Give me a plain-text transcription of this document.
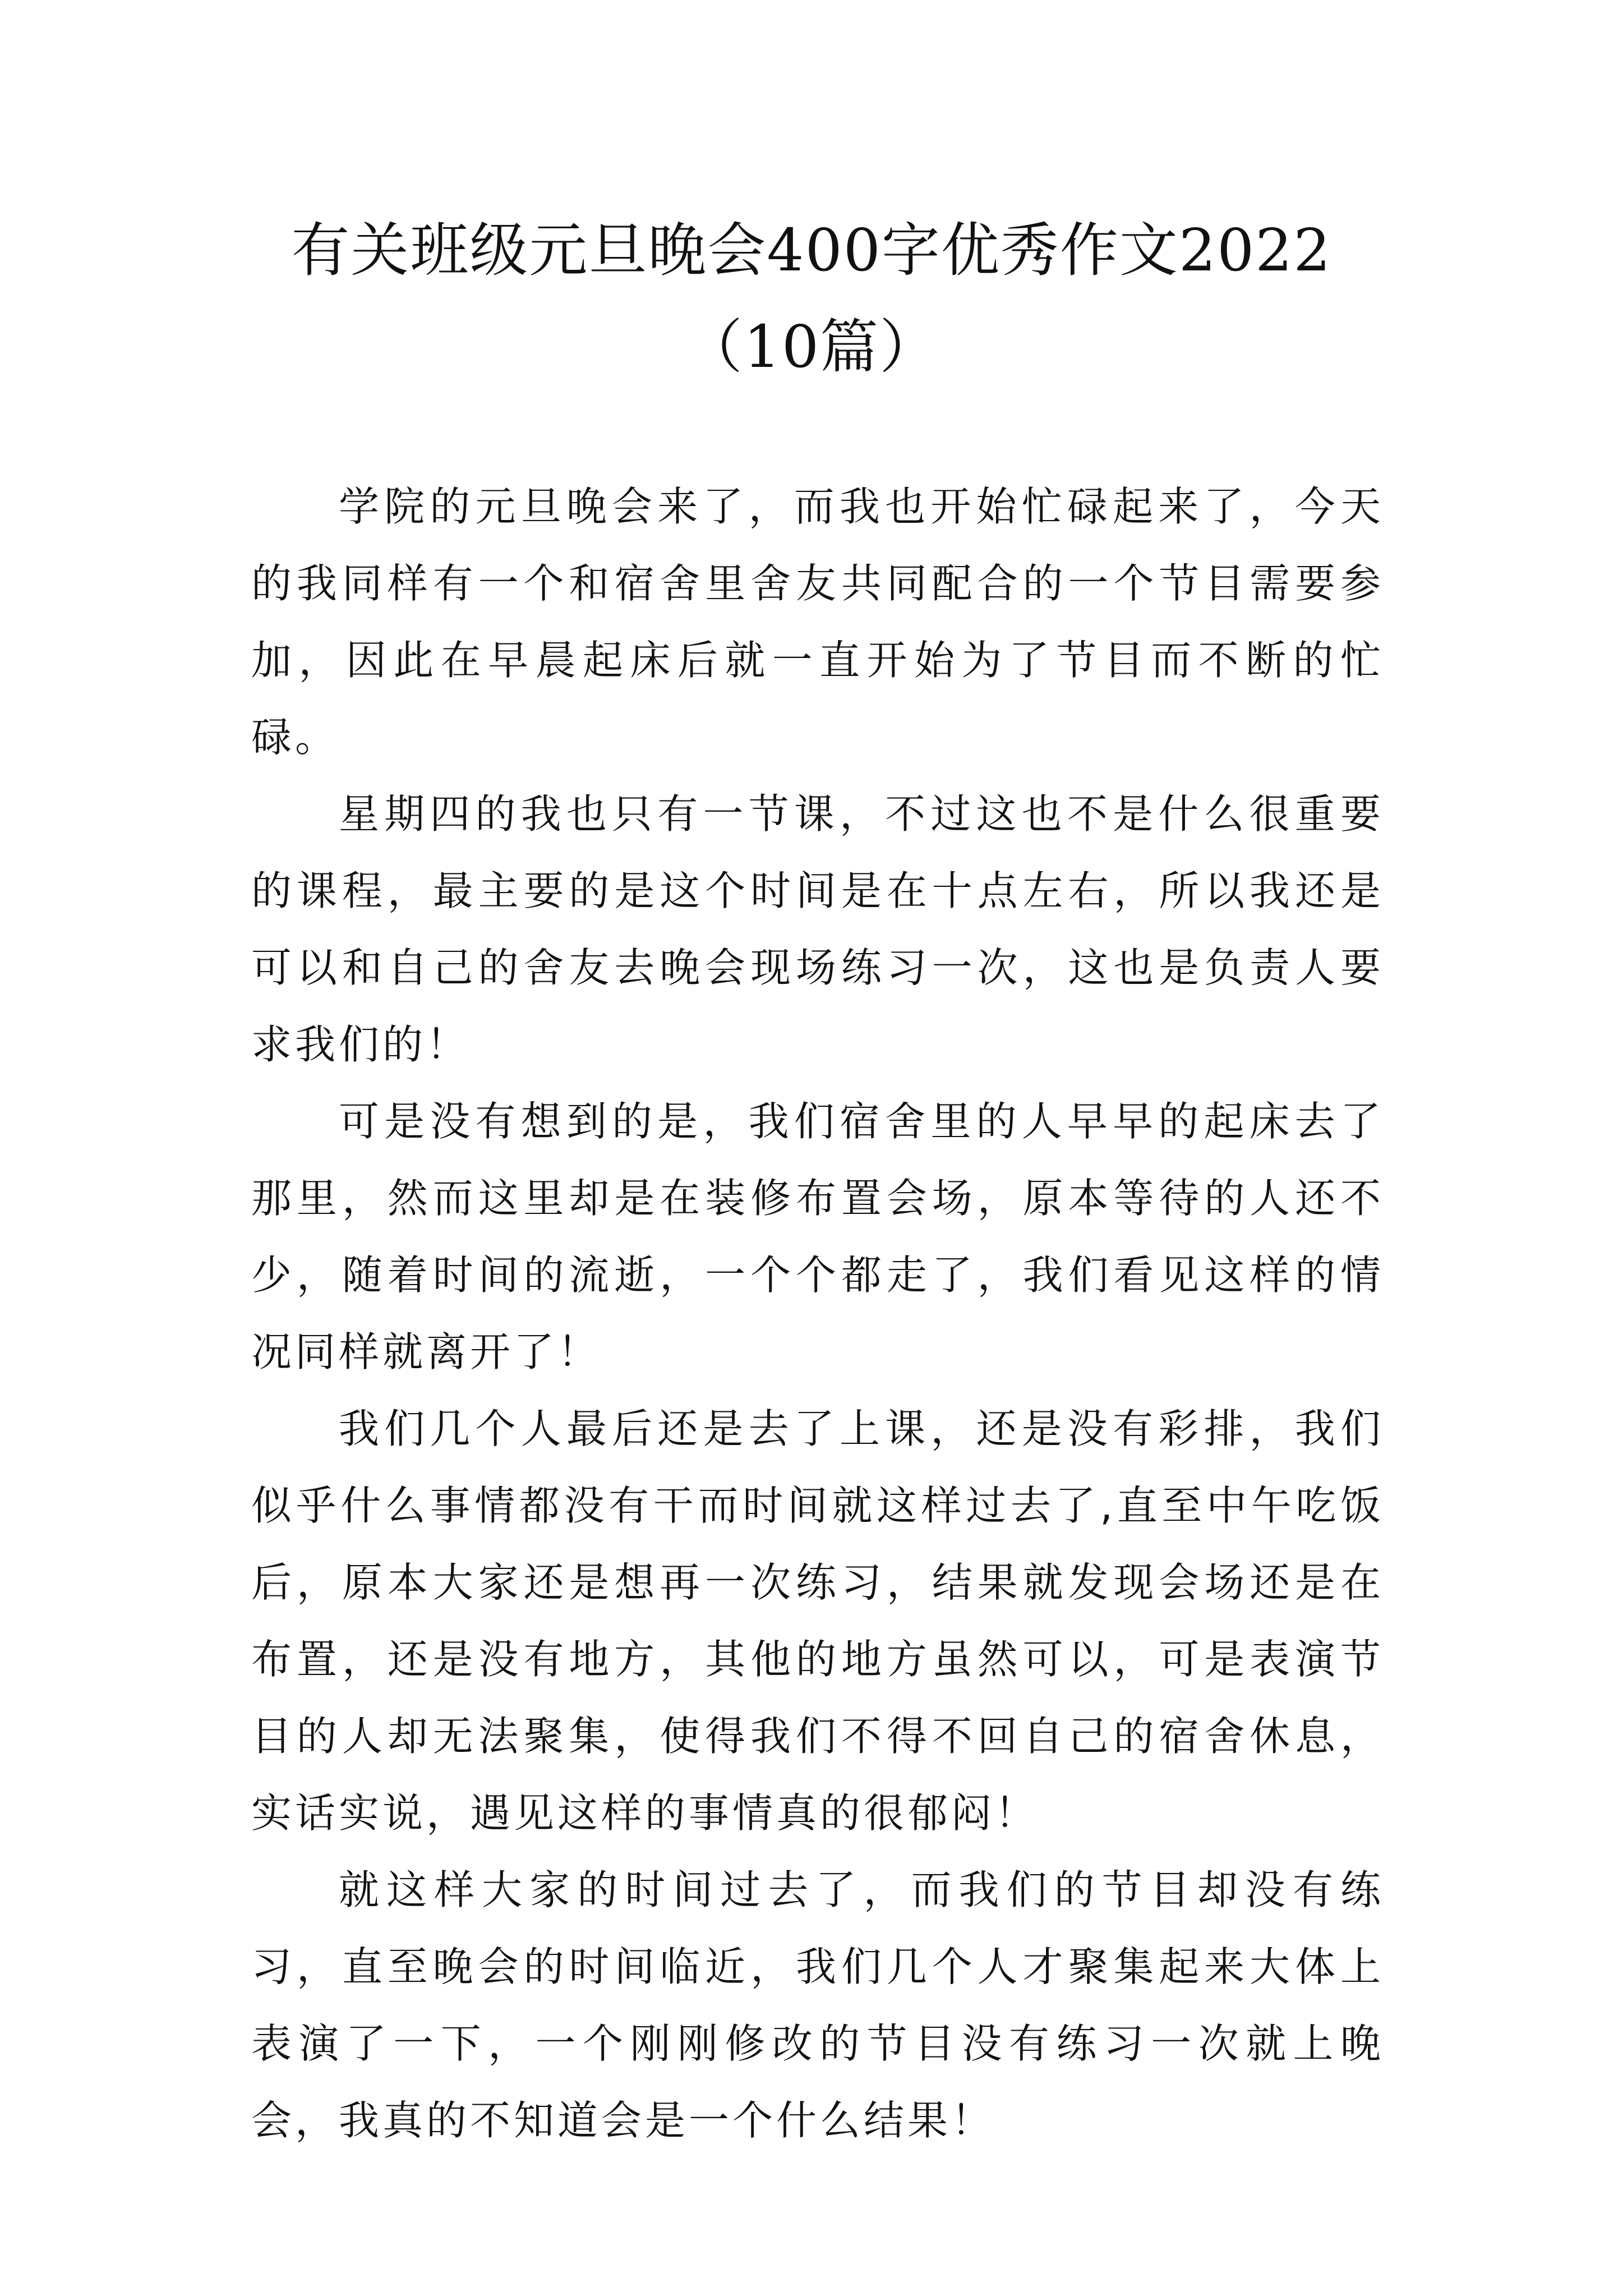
有关班级元旦晚会400字优秀作文2022
（10篇）

学院的元旦晚会来了，而我也开始忙碌起来了，今天的我同样有一个和宿舍里舍友共同配合的一个节目需要参加，因此在早晨起床后就一直开始为了节目而不断的忙碌。

星期四的我也只有一节课，不过这也不是什么很重要的课程，最主要的是这个时间是在十点左右，所以我还是可以和自己的舍友去晚会现场练习一次，这也是负责人要求我们的！

可是没有想到的是，我们宿舍里的人早早的起床去了那里，然而这里却是在装修布置会场，原本等待的人还不少，随着时间的流逝，一个个都走了，我们看见这样的情况同样就离开了！

我们几个人最后还是去了上课，还是没有彩排，我们似乎什么事情都没有干而时间就这样过去了,直至中午吃饭后，原本大家还是想再一次练习，结果就发现会场还是在布置，还是没有地方，其他的地方虽然可以，可是表演节目的人却无法聚集，使得我们不得不回自己的宿舍休息，实话实说，遇见这样的事情真的很郁闷！

就这样大家的时间过去了，而我们的节目却没有练习，直至晚会的时间临近，我们几个人才聚集起来大体上表演了一下，一个刚刚修改的节目没有练习一次就上晚会，我真的不知道会是一个什么结果！
